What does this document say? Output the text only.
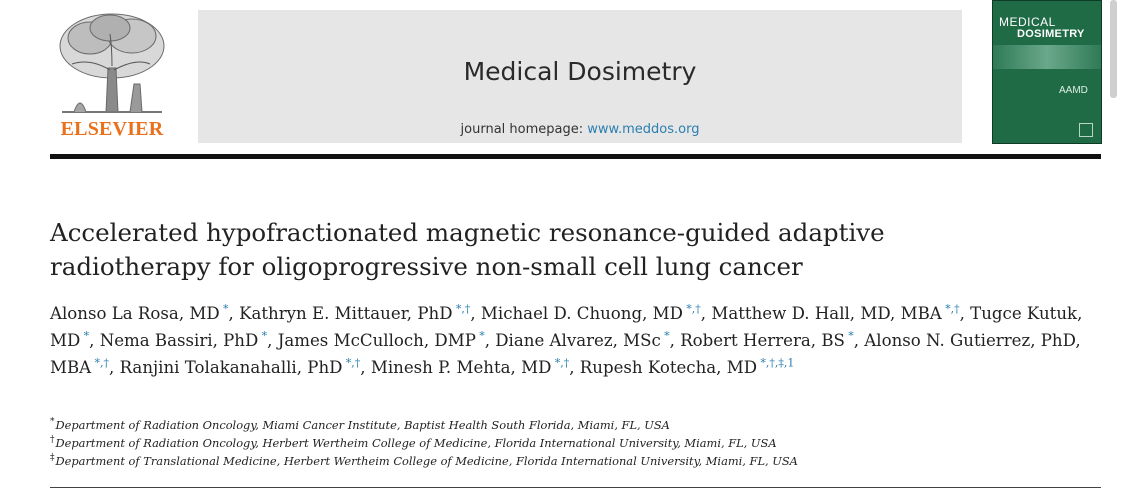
ELSEVIER
Medical Dosimetry
journal homepage: www.meddos.org
MEDICAL
DOSIMETRY
AAMD
Accelerated hypofractionated magnetic resonance-guided adaptive
radiotherapy for oligoprogressive non-small cell lung cancer
Alonso La Rosa, MD  *, Kathryn E. Mittauer, PhD  *,†, Michael D. Chuong, MD  *,†, Matthew D. Hall, MD, MBA  *,†, Tugce Kutuk, MD  *, Nema Bassiri, PhD  *, James McCulloch, DMP  *, Diane Alvarez, MSc  *, Robert Herrera, BS  *, Alonso N. Gutierrez, PhD, MBA  *,†, Ranjini Tolakanahalli, PhD  *,†, Minesh P. Mehta, MD  *,†, Rupesh Kotecha, MD  $^{*,\dagger,\ddagger,1}$
*Department of Radiation Oncology, Miami Cancer Institute, Baptist Health South Florida, Miami, FL, USA
†Department of Radiation Oncology, Herbert Wertheim College of Medicine, Florida International University, Miami, FL, USA
‡Department of Translational Medicine, Herbert Wertheim College of Medicine, Florida International University, Miami, FL, USA
